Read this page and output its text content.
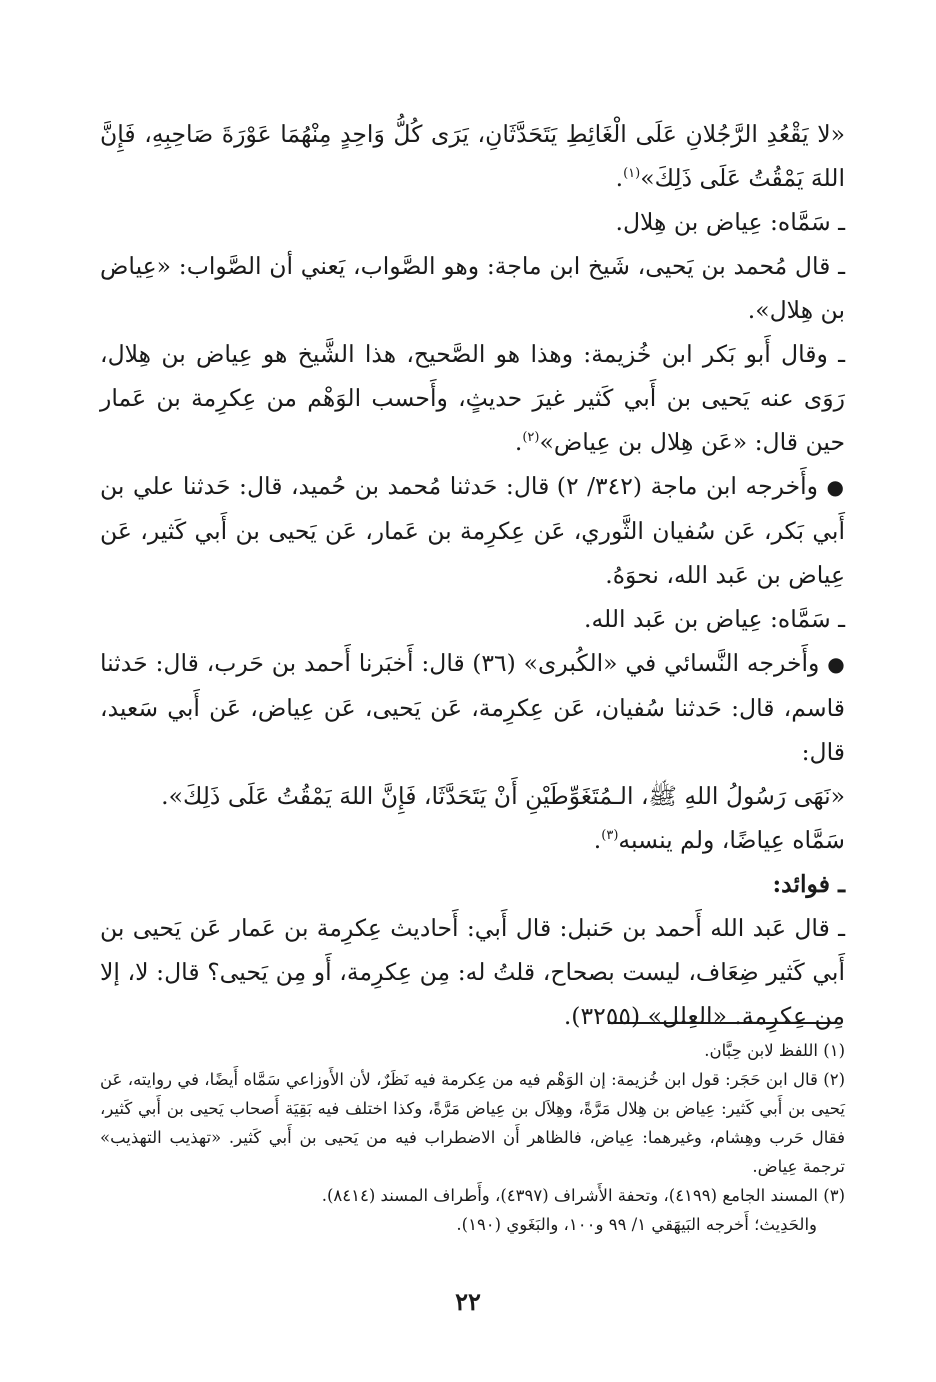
«لا يَقْعُدِ الرَّجُلانِ عَلَى الْغَائِطِ يَتَحَدَّثَانِ، يَرَى كُلُّ وَاحِدٍ مِنْهُمَا عَوْرَةَ صَاحِبِهِ، فَإِنَّ اللهَ يَمْقُتُ عَلَى ذَلِكَ»$^{(١)}$.

ـ سَمَّاه: عِياض بن هِلال.

ـ قال مُحمد بن يَحيى، شَيخ ابن ماجة: وهو الصَّواب، يَعني أن الصَّواب: «عِياض بن هِلال».

ـ وقال أَبو بَكر ابن خُزيمة: وهذا هو الصَّحيح، هذا الشَّيخ هو عِياض بن هِلال، رَوَى عنه يَحيى بن أَبي كَثير غيرَ حديثٍ، وأَحسب الوَهْم من عِكرِمة بن عَمار حين قال: «عَن هِلال بن عِياض»$^{(٢)}$.

● وأَخرجه ابن ماجة (٣٤٢/ ٢) قال: حَدثنا مُحمد بن حُميد، قال: حَدثنا علي بن أَبي بَكر، عَن سُفيان الثَّوري، عَن عِكرِمة بن عَمار، عَن يَحيى بن أَبي كَثير، عَن عِياض بن عَبد الله، نحوَهُ.

ـ سَمَّاه: عِياض بن عَبد الله.

● وأَخرجه النَّسائي في «الكُبرى» (٣٦) قال: أَخبَرنا أَحمد بن حَرب، قال: حَدثنا قاسم، قال: حَدثنا سُفيان، عَن عِكرِمة، عَن يَحيى، عَن عِياض، عَن أَبي سَعيد، قال:

«نَهَى رَسُولُ اللهِ ﷺ، الـمُتَغَوِّطَيْنِ أَنْ يَتَحَدَّثَا، فَإِنَّ اللهَ يَمْقُتُ عَلَى ذَلِكَ».

سَمَّاه عِياضًا، ولم ينسبه$^{(٣)}$.

ـ فوائد:

ـ قال عَبد الله أَحمد بن حَنبل: قال أَبي: أَحاديث عِكرِمة بن عَمار عَن يَحيى بن أَبي كَثير ضِعَاف، ليست بصحاح، قلتُ له: مِن عِكرِمة، أَو مِن يَحيى؟ قال: لا، إلا مِن عِكرِمة. «العِلل» (٣٢٥٥).

(١) اللفظ لابن حِبَّان.

(٢) قال ابن حَجَر: قول ابن خُزيمة: إن الوَهْم فيه من عِكرمة فيه نَظَرٌ، لأن الأَوزاعي سَمَّاه أَيضًا، في روايته، عَن يَحيى بن أَبي كَثير: عِياض بن هِلال مَرَّةً، وهِلاَل بن عِياض مَرَّةً، وكذا اختلف فيه بَقِيَة أَصحاب يَحيى بن أَبي كَثير، فقال حَرب وهِشام، وغيرهما: عِياض، فالظاهر أَن الاضطراب فيه من يَحيى بن أَبي كَثير. «تهذيب التهذيب» ترجمة عِياض.

(٣) المسند الجامع (٤١٩٩)، وتحفة الأَشراف (٤٣٩٧)، وأَطراف المسند (٨٤١٤).

والحَدِيث؛ أَخرجه البَيهَقي ١/ ٩٩ و١٠٠، والبَغَوي (١٩٠).

٢٢
